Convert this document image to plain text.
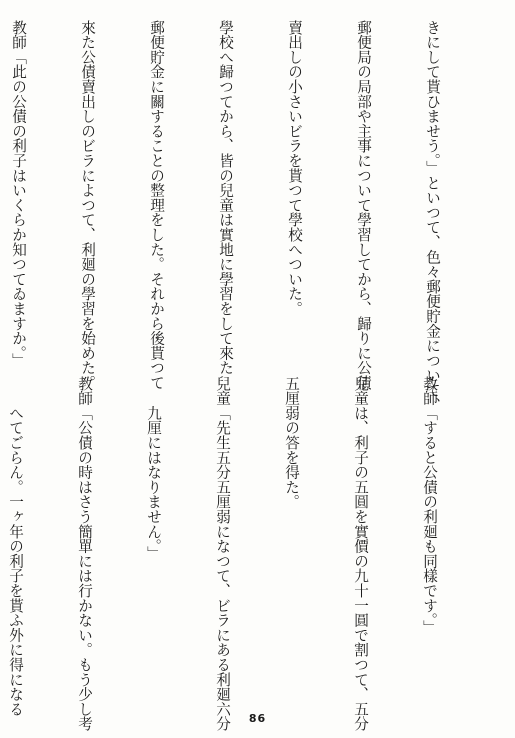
きにして貰ひませう。」といつて、色々郵便貯金について、

郵便局の局部や主事について學習してから、歸りに公債

賣出しの小さいビラを貰つて學校へついた。

學校へ歸つてから、皆の兒童は實地に學習をして來た

郵便貯金に關することの整理をした。それから後貰つて

來た公債賣出しのビラによつて、利廻の學習を始めた。

教師「此の公債の利子はいくらか知つてゐますか。」

教師「すると公債の利廻も同樣です。」

兒童は、利子の五圓を實價の九十一圓で割つて、五分

五厘弱の答を得た。

兒童「先生五分五厘弱になつて、ビラにある利廻六分

　　九厘にはなりません。」

教師「公債の時はさう簡單には行かない。もう少し考

　　へてごらん。一ヶ年の利子を貰ふ外に得になる

86
